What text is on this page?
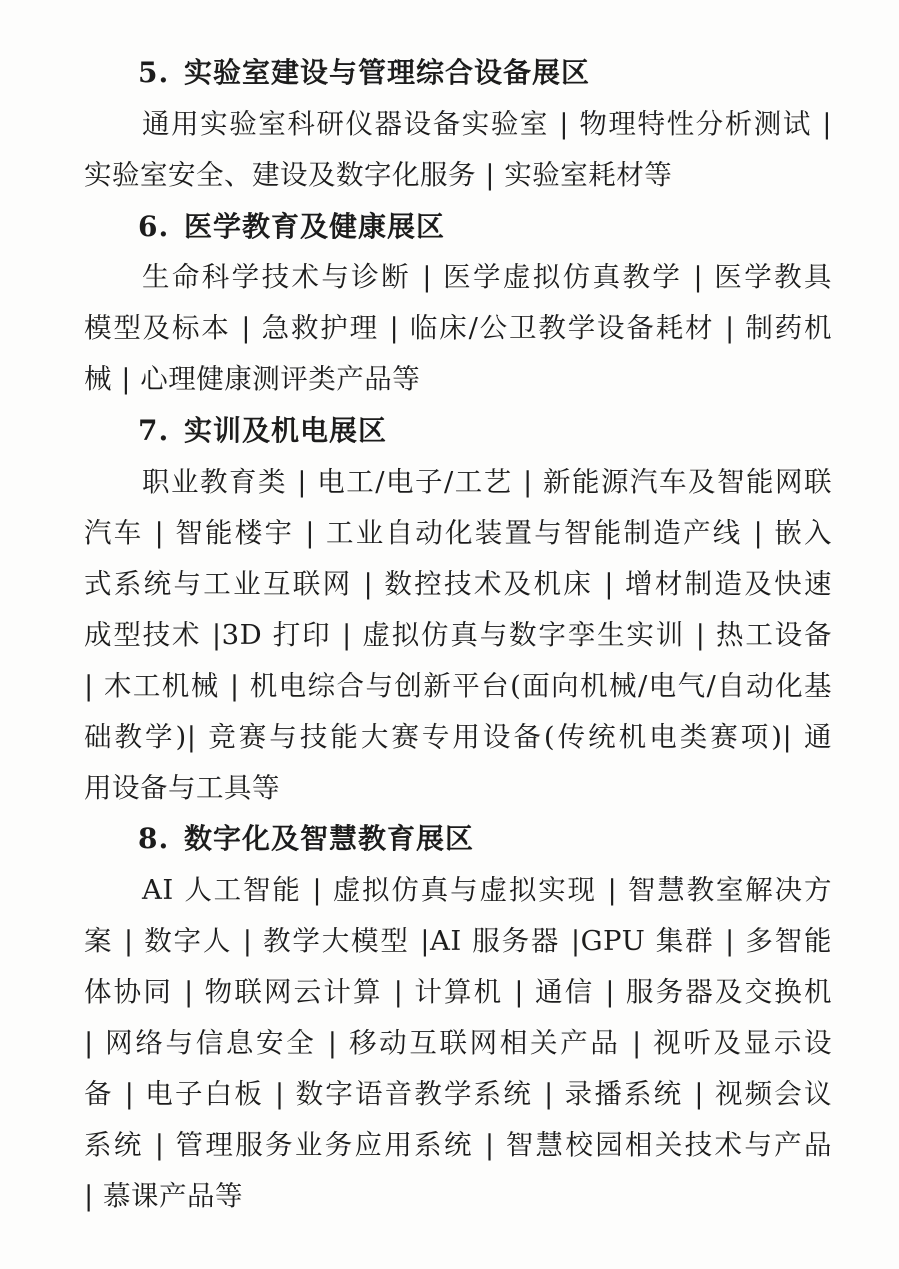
5. 实验室建设与管理综合设备展区
通用实验室科研仪器设备实验室 | 物理特性分析测试 |
实验室安全、建设及数字化服务 | 实验室耗材等
6. 医学教育及健康展区
生命科学技术与诊断 | 医学虚拟仿真教学 | 医学教具
模型及标本 | 急救护理 | 临床/公卫教学设备耗材 | 制药机
械 | 心理健康测评类产品等
7. 实训及机电展区
职业教育类 | 电工/电子/工艺 | 新能源汽车及智能网联
汽车 | 智能楼宇 | 工业自动化装置与智能制造产线 | 嵌入
式系统与工业互联网 | 数控技术及机床 | 增材制造及快速
成型技术 |3D 打印 | 虚拟仿真与数字孪生实训 | 热工设备
| 木工机械 | 机电综合与创新平台(面向机械/电气/自动化基
础教学)| 竞赛与技能大赛专用设备(传统机电类赛项)| 通
用设备与工具等
8. 数字化及智慧教育展区
AI 人工智能 | 虚拟仿真与虚拟实现 | 智慧教室解决方
案 | 数字人 | 教学大模型 |AI 服务器 |GPU 集群 | 多智能
体协同 | 物联网云计算 | 计算机 | 通信 | 服务器及交换机
| 网络与信息安全 | 移动互联网相关产品 | 视听及显示设
备 | 电子白板 | 数字语音教学系统 | 录播系统 | 视频会议
系统 | 管理服务业务应用系统 | 智慧校园相关技术与产品
| 慕课产品等
